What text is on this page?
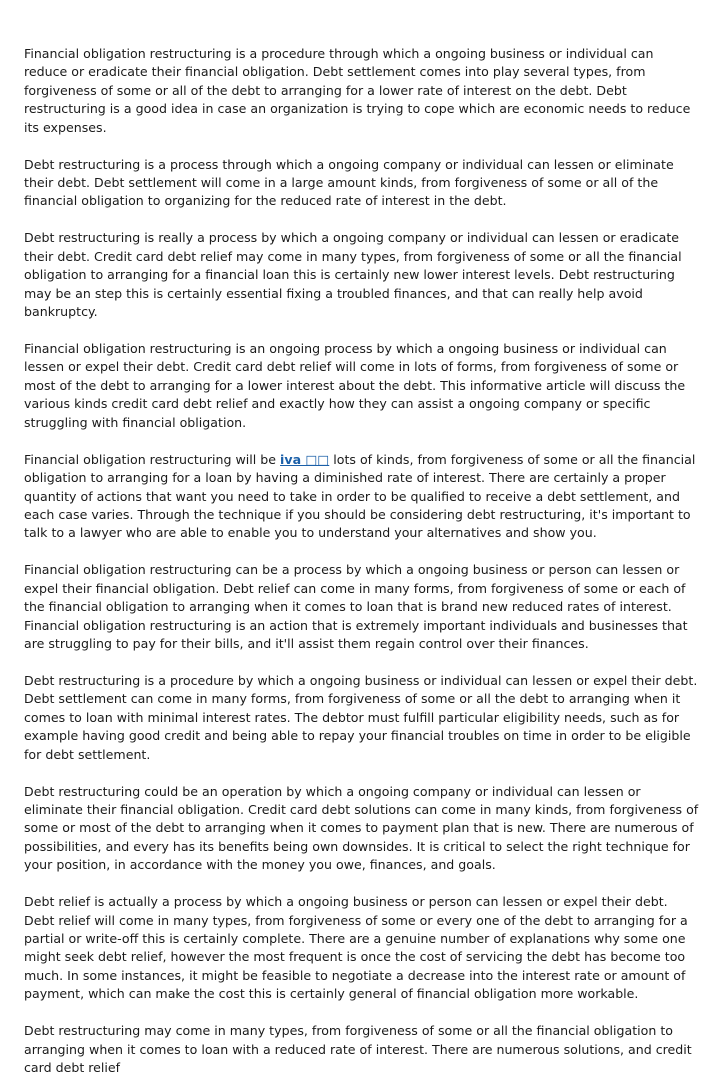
Financial obligation restructuring is a procedure through which a ongoing business or individual can reduce or eradicate their financial obligation. Debt settlement comes into play several types, from forgiveness of some or all of the debt to arranging for a lower rate of interest on the debt. Debt restructuring is a good idea in case an organization is trying to cope which are economic needs to reduce its expenses.

Debt restructuring is a process through which a ongoing company or individual can lessen or eliminate their debt. Debt settlement will come in a large amount kinds, from forgiveness of some or all of the financial obligation to organizing for the reduced rate of interest in the debt.

Debt restructuring is really a process by which a ongoing company or individual can lessen or eradicate their debt. Credit card debt relief may come in many types, from forgiveness of some or all the financial obligation to arranging for a financial loan this is certainly new lower interest levels. Debt restructuring may be an step this is certainly essential fixing a troubled finances, and that can really help avoid bankruptcy.

Financial obligation restructuring is an ongoing process by which a ongoing business or individual can lessen or expel their debt. Credit card debt relief will come in lots of forms, from forgiveness of some or most of the debt to arranging for a lower interest about the debt. This informative article will discuss the various kinds credit card debt relief and exactly how they can assist a ongoing company or specific struggling with financial obligation.

Financial obligation restructuring will be iva □□ lots of kinds, from forgiveness of some or all the financial obligation to arranging for a loan by having a diminished rate of interest. There are certainly a proper quantity of actions that want you need to take in order to be qualified to receive a debt settlement, and each case varies. Through the technique if you should be considering debt restructuring, it's important to talk to a lawyer who are able to enable you to understand your alternatives and show you.

Financial obligation restructuring can be a process by which a ongoing business or person can lessen or expel their financial obligation. Debt relief can come in many forms, from forgiveness of some or each of the financial obligation to arranging when it comes to loan that is brand new reduced rates of interest. Financial obligation restructuring is an action that is extremely important individuals and businesses that are struggling to pay for their bills, and it'll assist them regain control over their finances.

Debt restructuring is a procedure by which a ongoing business or individual can lessen or expel their debt. Debt settlement can come in many forms, from forgiveness of some or all the debt to arranging when it comes to loan with minimal interest rates. The debtor must fulfill particular eligibility needs, such as for example having good credit and being able to repay your financial troubles on time in order to be eligible for debt settlement.

Debt restructuring could be an operation by which a ongoing company or individual can lessen or eliminate their financial obligation. Credit card debt solutions can come in many kinds, from forgiveness of some or most of the debt to arranging when it comes to payment plan that is new. There are numerous of possibilities, and every has its benefits being own downsides. It is critical to select the right technique for your position, in accordance with the money you owe, finances, and goals.

Debt relief is actually a process by which a ongoing business or person can lessen or expel their debt. Debt relief will come in many types, from forgiveness of some or every one of the debt to arranging for a partial or write-off this is certainly complete. There are a genuine number of explanations why some one might seek debt relief, however the most frequent is once the cost of servicing the debt has become too much. In some instances, it might be feasible to negotiate a decrease into the interest rate or amount of payment, which can make the cost this is certainly general of financial obligation more workable.

Debt restructuring may come in many types, from forgiveness of some or all the financial obligation to arranging when it comes to loan with a reduced rate of interest. There are numerous solutions, and credit card debt relief
